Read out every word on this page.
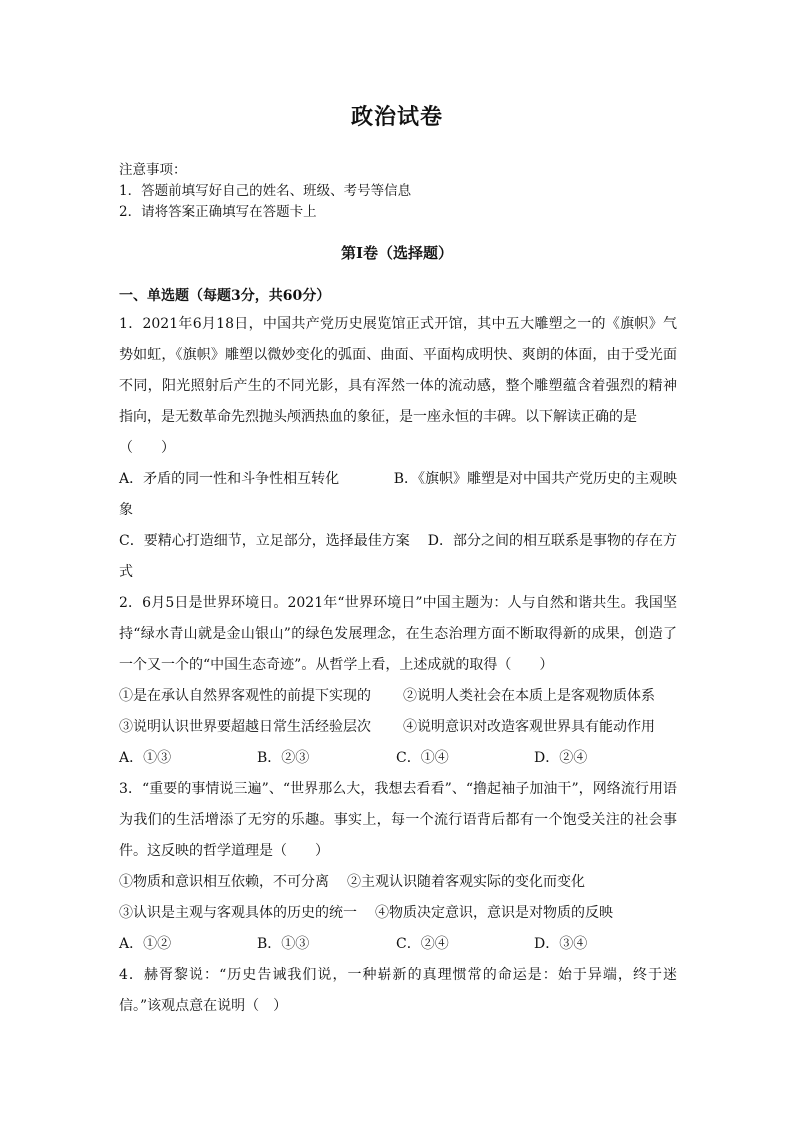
政治试卷
注意事项：
1．答题前填写好自己的姓名、班级、考号等信息
2．请将答案正确填写在答题卡上
第I卷（选择题）
一、单选题（每题3分，共60分）

1．2021年6月18日，中国共产党历史展览馆正式开馆，其中五大雕塑之一的《旗帜》气势如虹，《旗帜》雕塑以微妙变化的弧面、曲面、平面构成明快、爽朗的体面，由于受光面不同，阳光照射后产生的不同光影，具有浑然一体的流动感，整个雕塑蕴含着强烈的精神指向，是无数革命先烈抛头颅洒热血的象征，是一座永恒的丰碑。以下解读正确的是

（　　）
A．矛盾的同一性和斗争性相互转化	B．《旗帜》雕塑是对中国共产党历史的主观映
象
C．要精心打造细节，立足部分，选择最佳方案 D．部分之间的相互联系是事物的存在方
式

2．6月5日是世界环境日。2021年“世界环境日”中国主题为：人与自然和谐共生。我国坚持“绿水青山就是金山银山”的绿色发展理念，在生态治理方面不断取得新的成果，创造了一个又一个的“中国生态奇迹”。从哲学上看，上述成就的取得（　　）

①是在承认自然界客观性的前提下实现的 ②说明人类社会在本质上是客观物质体系
③说明认识世界要超越日常生活经验层次 ④说明意识对改造客观世界具有能动作用
A．①③	B．②③	C．①④	D．②④

3．“重要的事情说三遍”、“世界那么大，我想去看看”、“撸起袖子加油干”，网络流行用语为我们的生活增添了无穷的乐趣。事实上，每一个流行语背后都有一个饱受关注的社会事件。这反映的哲学道理是（　　）

①物质和意识相互依赖，不可分离 ②主观认识随着客观实际的变化而变化
③认识是主观与客观具体的历史的统一 ④物质决定意识，意识是对物质的反映
A．①②	B．①③	C．②④	D．③④

4．赫胥黎说：“历史告诫我们说，一种崭新的真理惯常的命运是：始于异端，终于迷信。”该观点意在说明（　）
